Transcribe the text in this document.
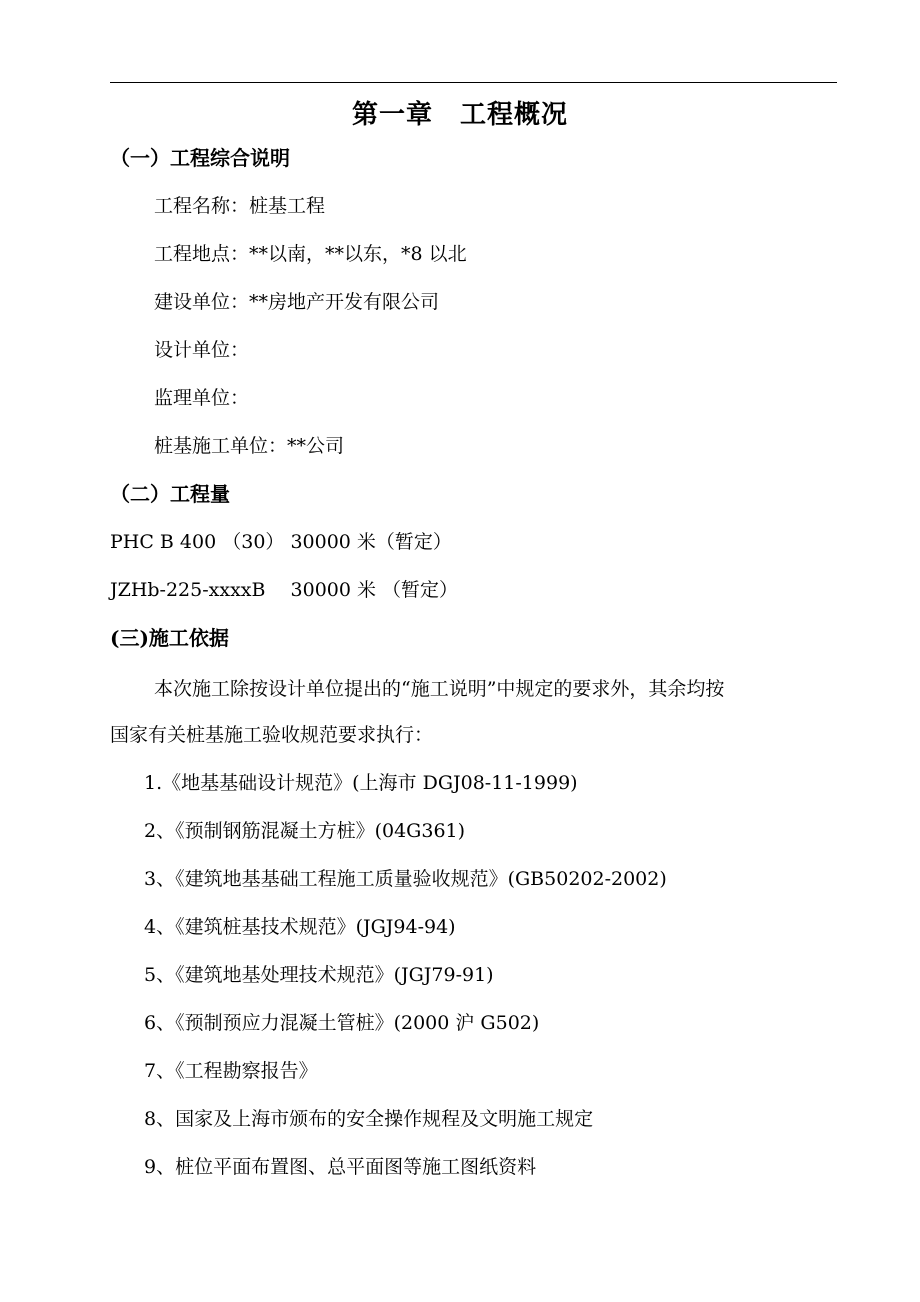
第一章　工程概况
（一）工程综合说明
工程名称：桩基工程
工程地点：**以南，**以东，*8 以北
建设单位：**房地产开发有限公司
设计单位：
监理单位：
桩基施工单位：**公司
（二）工程量
PHC B 400 （30） 30000 米（暂定）
JZHb-225-xxxxB　 30000 米 （暂定）
(三)施工依据
本次施工除按设计单位提出的“施工说明”中规定的要求外，其余均按
国家有关桩基施工验收规范要求执行：
1.《地基基础设计规范》(上海市 DGJ08-11-1999)
2、《预制钢筋混凝土方桩》(04G361)
3、《建筑地基基础工程施工质量验收规范》(GB50202-2002)
4、《建筑桩基技术规范》(JGJ94-94)
5、《建筑地基处理技术规范》(JGJ79-91)
6、《预制预应力混凝土管桩》(2000 沪 G502)
7、《工程勘察报告》
8、国家及上海市颁布的安全操作规程及文明施工规定
9、桩位平面布置图、总平面图等施工图纸资料
